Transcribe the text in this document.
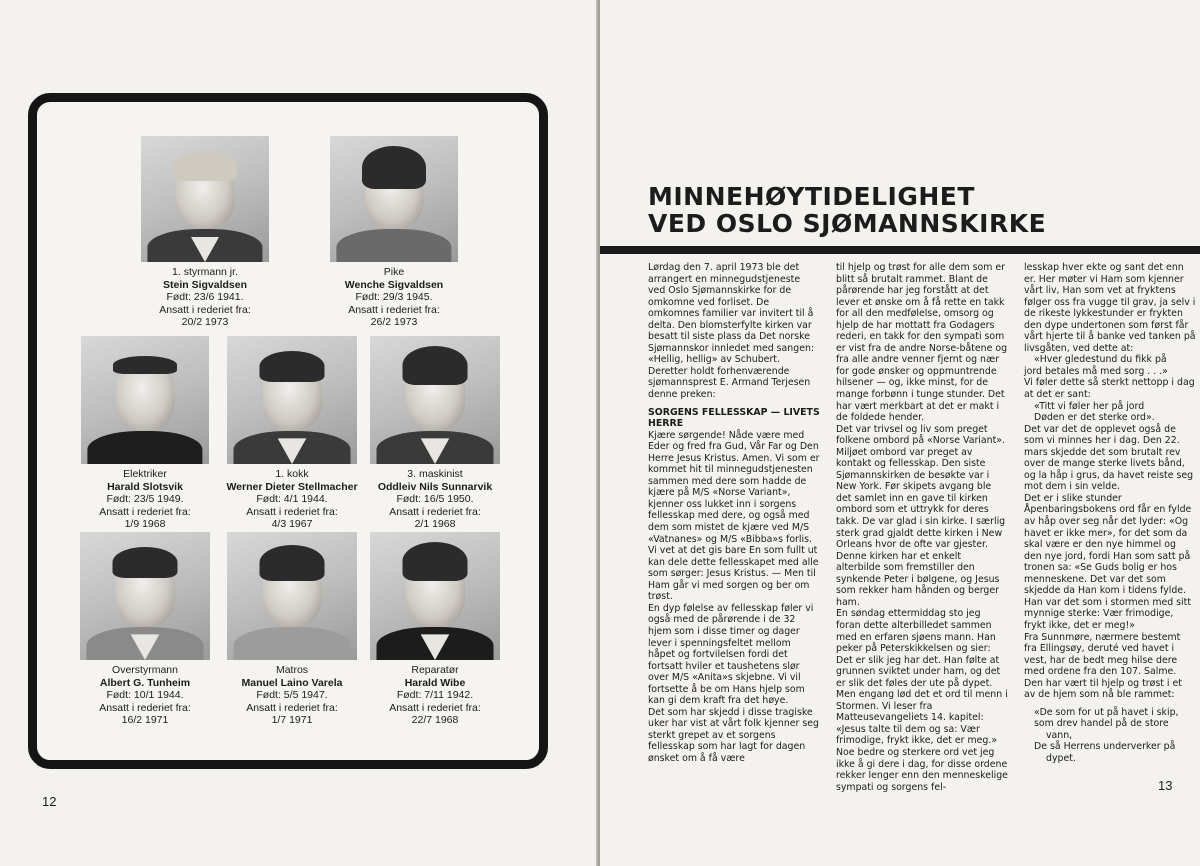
1. styrmann jr.
Stein Sigvaldsen
Født: 23/6 1941.
Ansatt i rederiet fra:
20/2 1973
Pike
Wenche Sigvaldsen
Født: 29/3 1945.
Ansatt i rederiet fra:
26/2 1973
Elektriker
Harald Slotsvik
Født: 23/5 1949.
Ansatt i rederiet fra:
1/9 1968
1. kokk
Werner Dieter Stellmacher
Født: 4/1 1944.
Ansatt i rederiet fra:
4/3 1967
3. maskinist
Oddleiv Nils Sunnarvik
Født: 16/5 1950.
Ansatt i rederiet fra:
2/1 1968
Overstyrmann
Albert G. Tunheim
Født: 10/1 1944.
Ansatt i rederiet fra:
16/2 1971
Matros
Manuel Laino Varela
Født: 5/5 1947.
Ansatt i rederiet fra:
1/7 1971
Reparatør
Harald Wibe
Født: 7/11 1942.
Ansatt i rederiet fra:
22/7 1968
12
MINNEHØYTIDELIGHET
VED OSLO SJØMANNSKIRKE

Lørdag den 7. april 1973 ble det arrangert en minnegudstjeneste ved Oslo Sjømannskirke for de omkomne ved forliset. De omkomnes familier var invitert til å delta. Den blomsterfylte kirken var besatt til siste plass da Det norske Sjømannskor innledet med sangen: «Hellig, hellig» av Schubert.

Deretter holdt forhenværende sjømannsprest E. Armand Terjesen denne preken:

SORGENS FELLESSKAP — LIVETS HERRE

Kjære sørgende! Nåde være med Eder og fred fra Gud, Vår Far og Den Herre Jesus Kristus. Amen. Vi som er kommet hit til minnegudstjenesten sammen med dere som hadde de kjære på M/S «Norse Variant», kjenner oss lukket inn i sorgens fellesskap med dere, og også med dem som mistet de kjære ved M/S «Vatnanes» og M/S «Bibba»s forlis. Vi vet at det gis bare En som fullt ut kan dele dette fellesskapet med alle som sørger: Jesus Kristus. — Men til Ham går vi med sorgen og ber om trøst.

En dyp følelse av fellesskap føler vi også med de pårørende i de 32 hjem som i disse timer og dager lever i spenningsfeltet mellom håpet og fortvilelsen fordi det fortsatt hviler et taushetens slør over M/S «Anita»s skjebne. Vi vil fortsette å be om Hans hjelp som kan gi dem kraft fra det høye.

Det som har skjedd i disse tragiske uker har vist at vårt folk kjenner seg sterkt grepet av et sorgens fellesskap som har lagt for dagen ønsket om å få være

til hjelp og trøst for alle dem som er blitt så brutalt rammet. Blant de pårørende har jeg forstått at det lever et ønske om å få rette en takk for all den medfølelse, omsorg og hjelp de har mottatt fra Godagers rederi, en takk for den sympati som er vist fra de andre Norse-båtene og fra alle andre venner fjernt og nær for gode ønsker og oppmuntrende hilsener — og, ikke minst, for de mange forbønn i tunge stunder. Det har vært merkbart at det er makt i de foldede hender.

Det var trivsel og liv som preget folkene ombord på «Norse Variant». Miljøet ombord var preget av kontakt og fellesskap. Den siste Sjømannskirken de besøkte var i New York. Før skipets avgang ble det samlet inn en gave til kirken ombord som et uttrykk for deres takk. De var glad i sin kirke. I særlig sterk grad gjaldt dette kirken i New Orleans hvor de ofte var gjester. Denne kirken har et enkelt alterbilde som fremstiller den synkende Peter i bølgene, og Jesus som rekker ham hånden og berger ham.

En søndag ettermiddag sto jeg foran dette alterbilledet sammen med en erfaren sjøens mann. Han peker på Peterskikkelsen og sier: Det er slik jeg har det. Han følte at grunnen sviktet under ham, og det er slik det føles der ute på dypet. Men engang lød det et ord til menn i Stormen. Vi leser fra Matteusevangeliets 14. kapitel: «Jesus talte til dem og sa: Vær frimodige, frykt ikke, det er meg.» Noe bedre og sterkere ord vet jeg ikke å gi dere i dag, for disse ordene rekker lenger enn den menneskelige sympati og sorgens fel-

lesskap hver ekte og sant det enn er. Her møter vi Ham som kjenner vårt liv, Han som vet at fryktens følger oss fra vugge til grav, ja selv i de rikeste lykkestunder er frykten den dype undertonen som først får vårt hjerte til å banke ved tanken på livsgåten, ved dette at:

«Hver gledestund du fikk på

jord betales må med sorg . . .»

Vi føler dette så sterkt nettopp i dag at det er sant:

«Titt vi føler her på jord

Døden er det sterke ord».

Det var det de opplevet også de som vi minnes her i dag. Den 22. mars skjedde det som brutalt rev over de mange sterke livets bånd, og la håp i grus, da havet reiste seg mot dem i sin velde.

Det er i slike stunder Åpenbaringsbokens ord får en fylde av håp over seg når det lyder: «Og havet er ikke mer», for det som da skal være er den nye himmel og den nye jord, fordi Han som satt på tronen sa: «Se Guds bolig er hos menneskene. Det var det som skjedde da Han kom i tidens fylde. Han var det som i stormen med sitt mynnige sterke: Vær frimodige, frykt ikke, det er meg!»

Fra Sunnmøre, nærmere bestemt fra Ellingsøy, deruté ved havet i vest, har de bedt meg hilse dere med ordene fra den 107. Salme. Den har vært til hjelp og trøst i et av de hjem som nå ble rammet:

«De som for ut på havet i skip,

som drev handel på de store

vann,

De så Herrens underverker på

dypet.

13
